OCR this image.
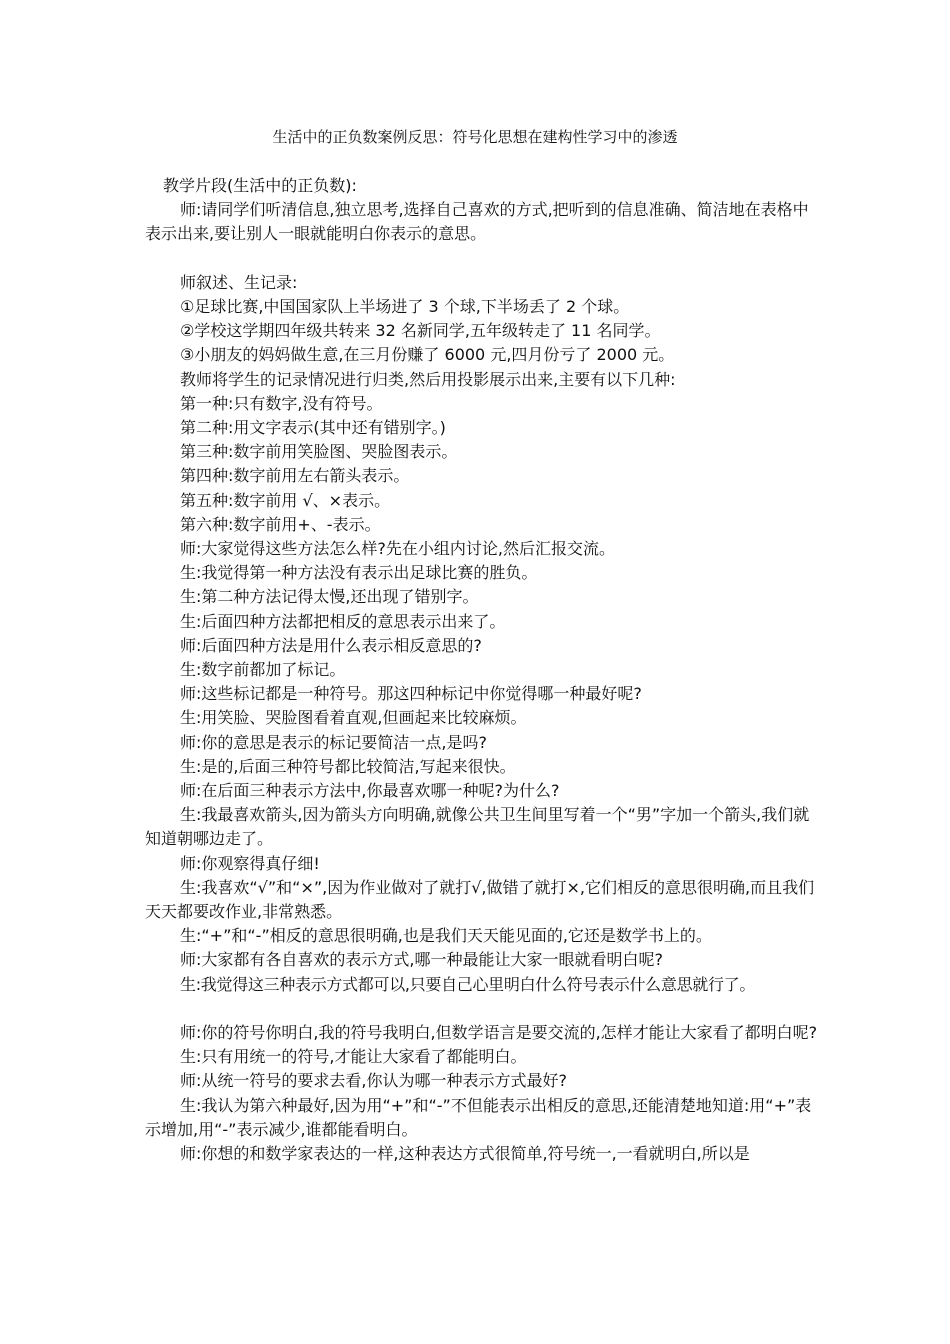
生活中的正负数案例反思：符号化思想在建构性学习中的渗透

教学片段(生活中的正负数):

师:请同学们听清信息,独立思考,选择自己喜欢的方式,把听到的信息准确、简洁地在表格中表示出来,要让别人一眼就能明白你表示的意思。

师叙述、生记录:

①足球比赛,中国国家队上半场进了 3 个球,下半场丢了 2 个球。

②学校这学期四年级共转来 32 名新同学,五年级转走了 11 名同学。

③小朋友的妈妈做生意,在三月份赚了 6000 元,四月份亏了 2000 元。

教师将学生的记录情况进行归类,然后用投影展示出来,主要有以下几种:

第一种:只有数字,没有符号。

第二种:用文字表示(其中还有错别字。)

第三种:数字前用笑脸图、哭脸图表示。

第四种:数字前用左右箭头表示。

第五种:数字前用 √、×表示。

第六种:数字前用+、-表示。

师:大家觉得这些方法怎么样?先在小组内讨论,然后汇报交流。

生:我觉得第一种方法没有表示出足球比赛的胜负。

生:第二种方法记得太慢,还出现了错别字。

生:后面四种方法都把相反的意思表示出来了。

师:后面四种方法是用什么表示相反意思的?

生:数字前都加了标记。

师:这些标记都是一种符号。那这四种标记中你觉得哪一种最好呢?

生:用笑脸、哭脸图看着直观,但画起来比较麻烦。

师:你的意思是表示的标记要简洁一点,是吗?

生:是的,后面三种符号都比较简洁,写起来很快。

师:在后面三种表示方法中,你最喜欢哪一种呢?为什么?

生:我最喜欢箭头,因为箭头方向明确,就像公共卫生间里写着一个“男”字加一个箭头,我们就知道朝哪边走了。

师:你观察得真仔细!

生:我喜欢“√”和“×”,因为作业做对了就打√,做错了就打×,它们相反的意思很明确,而且我们天天都要改作业,非常熟悉。

生:“+”和“-”相反的意思很明确,也是我们天天能见面的,它还是数学书上的。

师:大家都有各自喜欢的表示方式,哪一种最能让大家一眼就看明白呢?

生:我觉得这三种表示方式都可以,只要自己心里明白什么符号表示什么意思就行了。

师:你的符号你明白,我的符号我明白,但数学语言是要交流的,怎样才能让大家看了都明白呢?

生:只有用统一的符号,才能让大家看了都能明白。

师:从统一符号的要求去看,你认为哪一种表示方式最好?

生:我认为第六种最好,因为用“+”和“-”不但能表示出相反的意思,还能清楚地知道:用“+”表示增加,用“-”表示减少,谁都能看明白。

师:你想的和数学家表达的一样,这种表达方式很简单,符号统一,一看就明白,所以是
